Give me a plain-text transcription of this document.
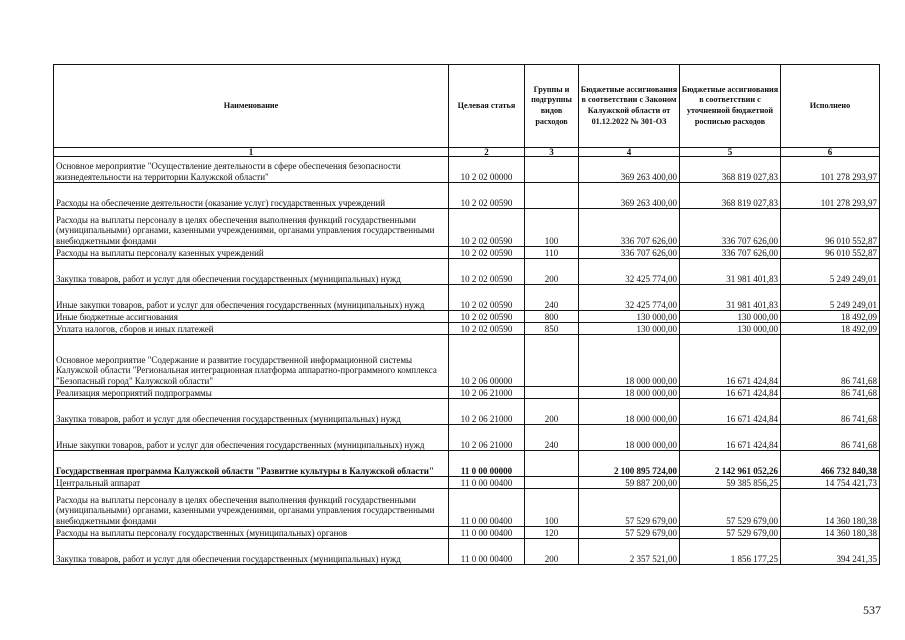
Наименование	Целевая статья	Группы и подгруппы видов расходов	Бюджетные ассигнования в соответствии с Законом Калужской области от 01.12.2022 № 301-ОЗ	Бюджетные ассигнования в соответствии с уточненной бюджетной росписью расходов	Исполнено
1	2	3	4	5	6
Основное мероприятие "Осуществление деятельности в сфере обеспечения безопасности жизнедеятельности на территории Калужской области"	10 2 02 00000		369 263 400,00	368 819 027,83	101 278 293,97
Расходы на обеспечение деятельности (оказание услуг) государственных учреждений	10 2 02 00590		369 263 400,00	368 819 027,83	101 278 293,97
Расходы на выплаты персоналу в целях обеспечения выполнения функций государственными (муниципальными) органами, казенными учреждениями, органами управления государственными внебюджетными фондами	10 2 02 00590	100	336 707 626,00	336 707 626,00	96 010 552,87
Расходы на выплаты персоналу казенных учреждений	10 2 02 00590	110	336 707 626,00	336 707 626,00	96 010 552,87
Закупка товаров, работ и услуг для обеспечения государственных (муниципальных) нужд	10 2 02 00590	200	32 425 774,00	31 981 401,83	5 249 249,01
Иные закупки товаров, работ и услуг для обеспечения государственных (муниципальных) нужд	10 2 02 00590	240	32 425 774,00	31 981 401,83	5 249 249,01
Иные бюджетные ассигнования	10 2 02 00590	800	130 000,00	130 000,00	18 492,09
Уплата налогов, сборов и иных платежей	10 2 02 00590	850	130 000,00	130 000,00	18 492,09
Основное мероприятие "Содержание и развитие государственной информационной системы Калужской области "Региональная интеграционная платформа аппаратно-программного комплекса "Безопасный город" Калужской области"	10 2 06 00000		18 000 000,00	16 671 424,84	86 741,68
Реализация мероприятий подпрограммы	10 2 06 21000		18 000 000,00	16 671 424,84	86 741,68
Закупка товаров, работ и услуг для обеспечения государственных (муниципальных) нужд	10 2 06 21000	200	18 000 000,00	16 671 424,84	86 741,68
Иные закупки товаров, работ и услуг для обеспечения государственных (муниципальных) нужд	10 2 06 21000	240	18 000 000,00	16 671 424,84	86 741,68
Государственная программа Калужской области "Развитие культуры в Калужской области"	11 0 00 00000		2 100 895 724,00	2 142 961 052,26	466 732 840,38
Центральный аппарат	11 0 00 00400		59 887 200,00	59 385 856,25	14 754 421,73
Расходы на выплаты персоналу в целях обеспечения выполнения функций государственными (муниципальными) органами, казенными учреждениями, органами управления государственными внебюджетными фондами	11 0 00 00400	100	57 529 679,00	57 529 679,00	14 360 180,38
Расходы на выплаты персоналу государственных (муниципальных) органов	11 0 00 00400	120	57 529 679,00	57 529 679,00	14 360 180,38
Закупка товаров, работ и услуг для обеспечения государственных (муниципальных) нужд	11 0 00 00400	200	2 357 521,00	1 856 177,25	394 241,35
537
